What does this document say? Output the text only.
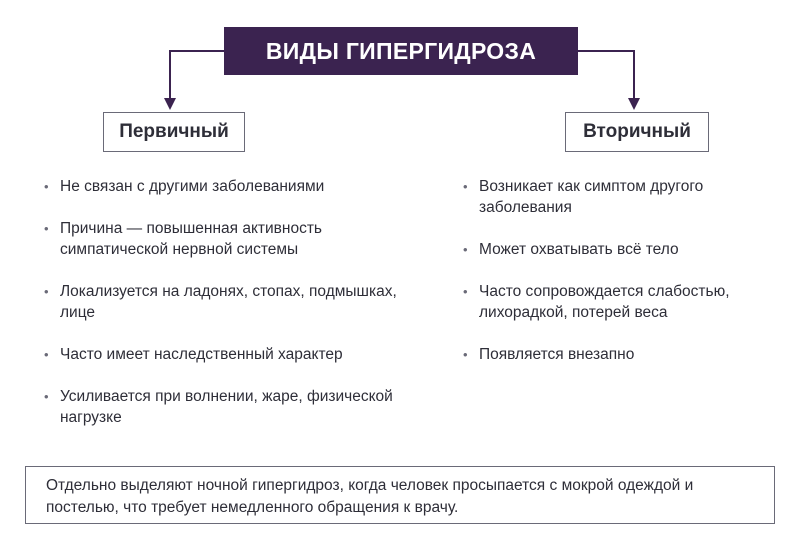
ВИДЫ ГИПЕРГИДРОЗА
Первичный	Вторичный
• Не связан с другими заболеваниями
• Причина — повышенная активность симпатической нервной системы
• Локализуется на ладонях, стопах, подмышках, лице
• Часто имеет наследственный характер
• Усиливается при волнении, жаре, физической нагрузке
• Возникает как симптом другого заболевания
• Может охватывать всё тело
• Часто сопровождается слабостью, лихорадкой, потерей веса
• Появляется внезапно
Отдельно выделяют ночной гипергидроз, когда человек просыпается с мокрой одеждой и постелью, что требует немедленного обращения к врачу.
